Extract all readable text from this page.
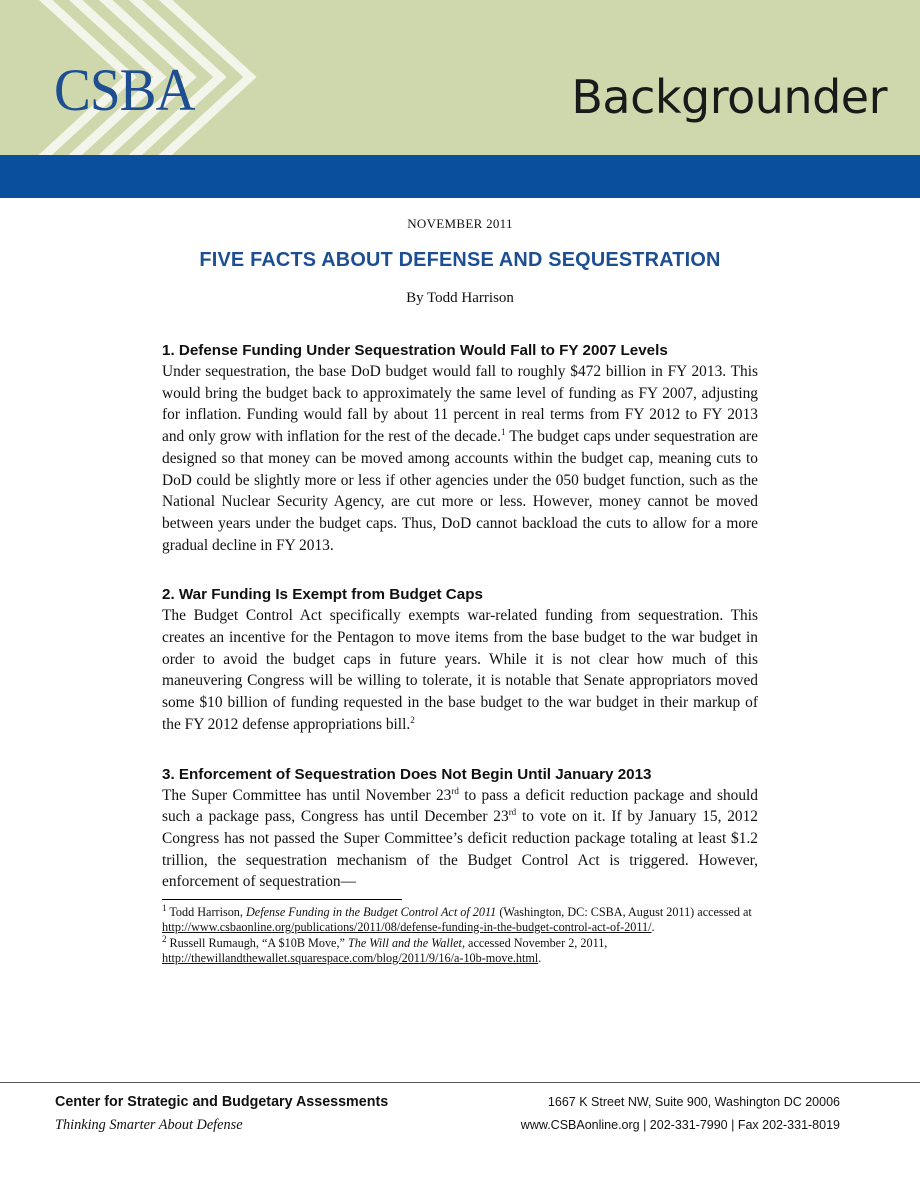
CSBA	Backgrounder
NOVEMBER 2011
FIVE FACTS ABOUT DEFENSE AND SEQUESTRATION
By Todd Harrison
1. Defense Funding Under Sequestration Would Fall to FY 2007 Levels

Under sequestration, the base DoD budget would fall to roughly $472 billion in FY 2013. This would bring the budget back to approximately the same level of funding as FY 2007, adjusting for inflation. Funding would fall by about 11 percent in real terms from FY 2012 to FY 2013 and only grow with inflation for the rest of the decade.$^1$ The budget caps under sequestration are designed so that money can be moved among accounts within the budget cap, meaning cuts to DoD could be slightly more or less if other agencies under the 050 budget function, such as the National Nuclear Security Agency, are cut more or less. However, money cannot be moved between years under the budget caps. Thus, DoD cannot backload the cuts to allow for a more gradual decline in FY 2013.

2. War Funding Is Exempt from Budget Caps

The Budget Control Act specifically exempts war-related funding from sequestration. This creates an incentive for the Pentagon to move items from the base budget to the war budget in order to avoid the budget caps in future years. While it is not clear how much of this maneuvering Congress will be willing to tolerate, it is notable that Senate appropriators moved some $10 billion of funding requested in the base budget to the war budget in their markup of the FY 2012 defense appropriations bill.$^2$

3. Enforcement of Sequestration Does Not Begin Until January 2013

The Super Committee has until November 23rd to pass a deficit reduction package and should such a package pass, Congress has until December 23rd to vote on it. If by January 15, 2012 Congress has not passed the Super Committee’s deficit reduction package totaling at least $1.2 trillion, the sequestration mechanism of the Budget Control Act is triggered. However, enforcement of sequestration—

$^1$ Todd Harrison, Defense Funding in the Budget Control Act of 2011 (Washington, DC: CSBA, August 2011) accessed at http://www.csbaonline.org/publications/2011/08/defense-funding-in-the-budget-control-act-of-2011/.

$^2$ Russell Rumaugh, “A $10B Move,” The Will and the Wallet, accessed November 2, 2011, http://thewillandthewallet.squarespace.com/blog/2011/9/16/a-10b-move.html.

Center for Strategic and Budgetary Assessments
Thinking Smarter About Defense
1667 K Street NW, Suite 900, Washington DC 20006
www.CSBAonline.org | 202-331-7990 | Fax 202-331-8019
